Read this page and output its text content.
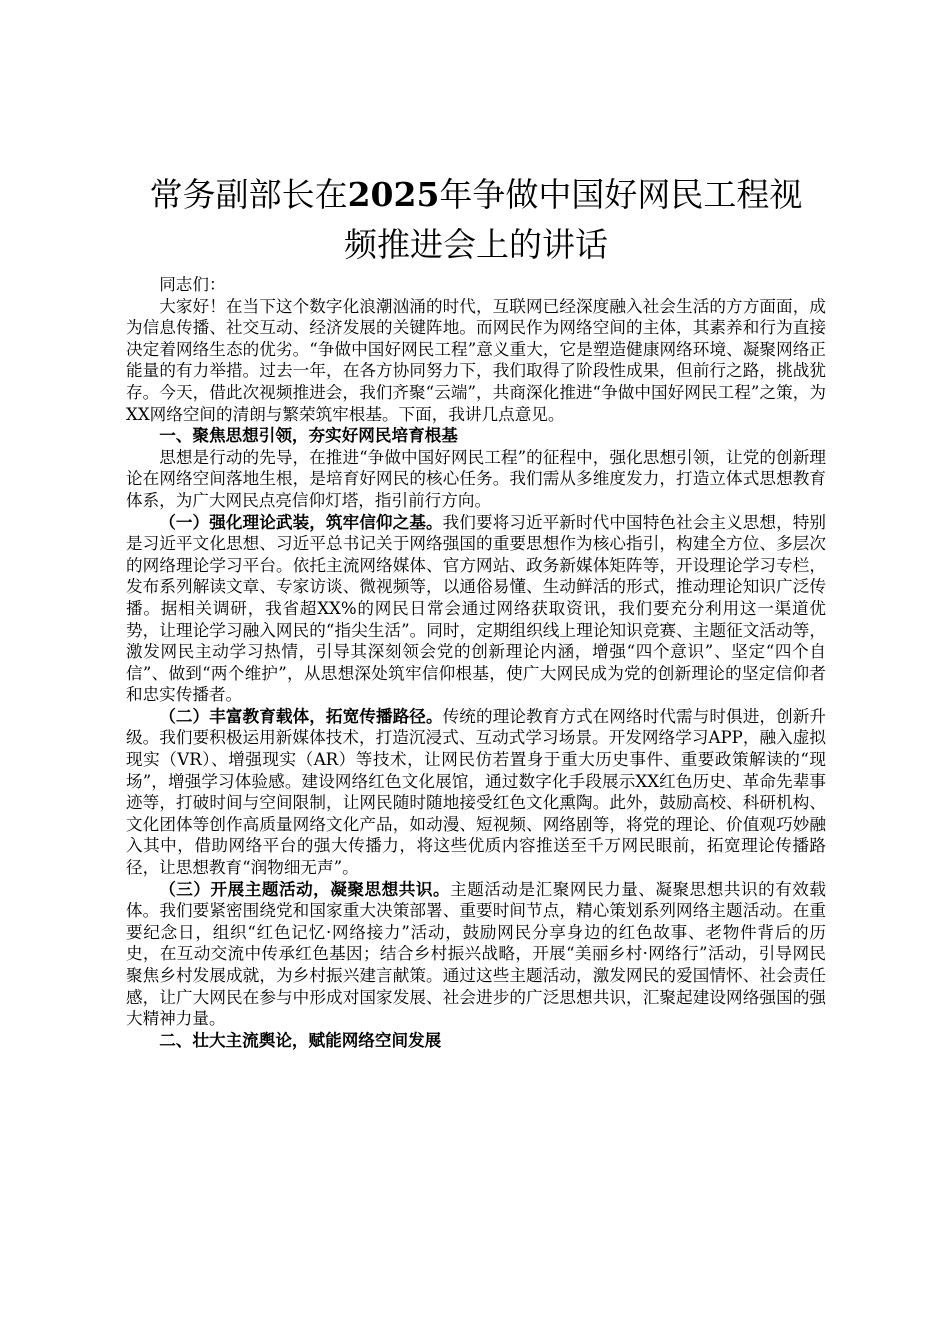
常务副部长在2025年争做中国好网民工程视
频推进会上的讲话

同志们：

大家好！在当下这个数字化浪潮汹涌的时代，互联网已经深度融入社会生活的方方面面，成为信息传播、社交互动、经济发展的关键阵地。而网民作为网络空间的主体，其素养和行为直接决定着网络生态的优劣。“争做中国好网民工程”意义重大，它是塑造健康网络环境、凝聚网络正能量的有力举措。过去一年，在各方协同努力下，我们取得了阶段性成果，但前行之路，挑战犹存。今天，借此次视频推进会，我们齐聚“云端”，共商深化推进“争做中国好网民工程”之策，为XX网络空间的清朗与繁荣筑牢根基。下面，我讲几点意见。

一、聚焦思想引领，夯实好网民培育根基

思想是行动的先导，在推进“争做中国好网民工程”的征程中，强化思想引领，让党的创新理论在网络空间落地生根，是培育好网民的核心任务。我们需从多维度发力，打造立体式思想教育体系，为广大网民点亮信仰灯塔，指引前行方向。

（一）强化理论武装，筑牢信仰之基。我们要将习近平新时代中国特色社会主义思想，特别是习近平文化思想、习近平总书记关于网络强国的重要思想作为核心指引，构建全方位、多层次的网络理论学习平台。依托主流网络媒体、官方网站、政务新媒体矩阵等，开设理论学习专栏，发布系列解读文章、专家访谈、微视频等，以通俗易懂、生动鲜活的形式，推动理论知识广泛传播。据相关调研，我省超XX%的网民日常会通过网络获取资讯，我们要充分利用这一渠道优势，让理论学习融入网民的“指尖生活”。同时，定期组织线上理论知识竞赛、主题征文活动等，激发网民主动学习热情，引导其深刻领会党的创新理论内涵，增强“四个意识”、坚定“四个自信”、做到“两个维护”，从思想深处筑牢信仰根基，使广大网民成为党的创新理论的坚定信仰者和忠实传播者。

（二）丰富教育载体，拓宽传播路径。传统的理论教育方式在网络时代需与时俱进，创新升级。我们要积极运用新媒体技术，打造沉浸式、互动式学习场景。开发网络学习APP，融入虚拟现实（VR）、增强现实（AR）等技术，让网民仿若置身于重大历史事件、重要政策解读的“现场”，增强学习体验感。建设网络红色文化展馆，通过数字化手段展示XX红色历史、革命先辈事迹等，打破时间与空间限制，让网民随时随地接受红色文化熏陶。此外，鼓励高校、科研机构、文化团体等创作高质量网络文化产品，如动漫、短视频、网络剧等，将党的理论、价值观巧妙融入其中，借助网络平台的强大传播力，将这些优质内容推送至千万网民眼前，拓宽理论传播路径，让思想教育“润物细无声”。

（三）开展主题活动，凝聚思想共识。主题活动是汇聚网民力量、凝聚思想共识的有效载体。我们要紧密围绕党和国家重大决策部署、重要时间节点，精心策划系列网络主题活动。在重要纪念日，组织“红色记忆·网络接力”活动，鼓励网民分享身边的红色故事、老物件背后的历史，在互动交流中传承红色基因；结合乡村振兴战略，开展“美丽乡村·网络行”活动，引导网民聚焦乡村发展成就，为乡村振兴建言献策。通过这些主题活动，激发网民的爱国情怀、社会责任感，让广大网民在参与中形成对国家发展、社会进步的广泛思想共识，汇聚起建设网络强国的强大精神力量。

二、壮大主流舆论，赋能网络空间发展
